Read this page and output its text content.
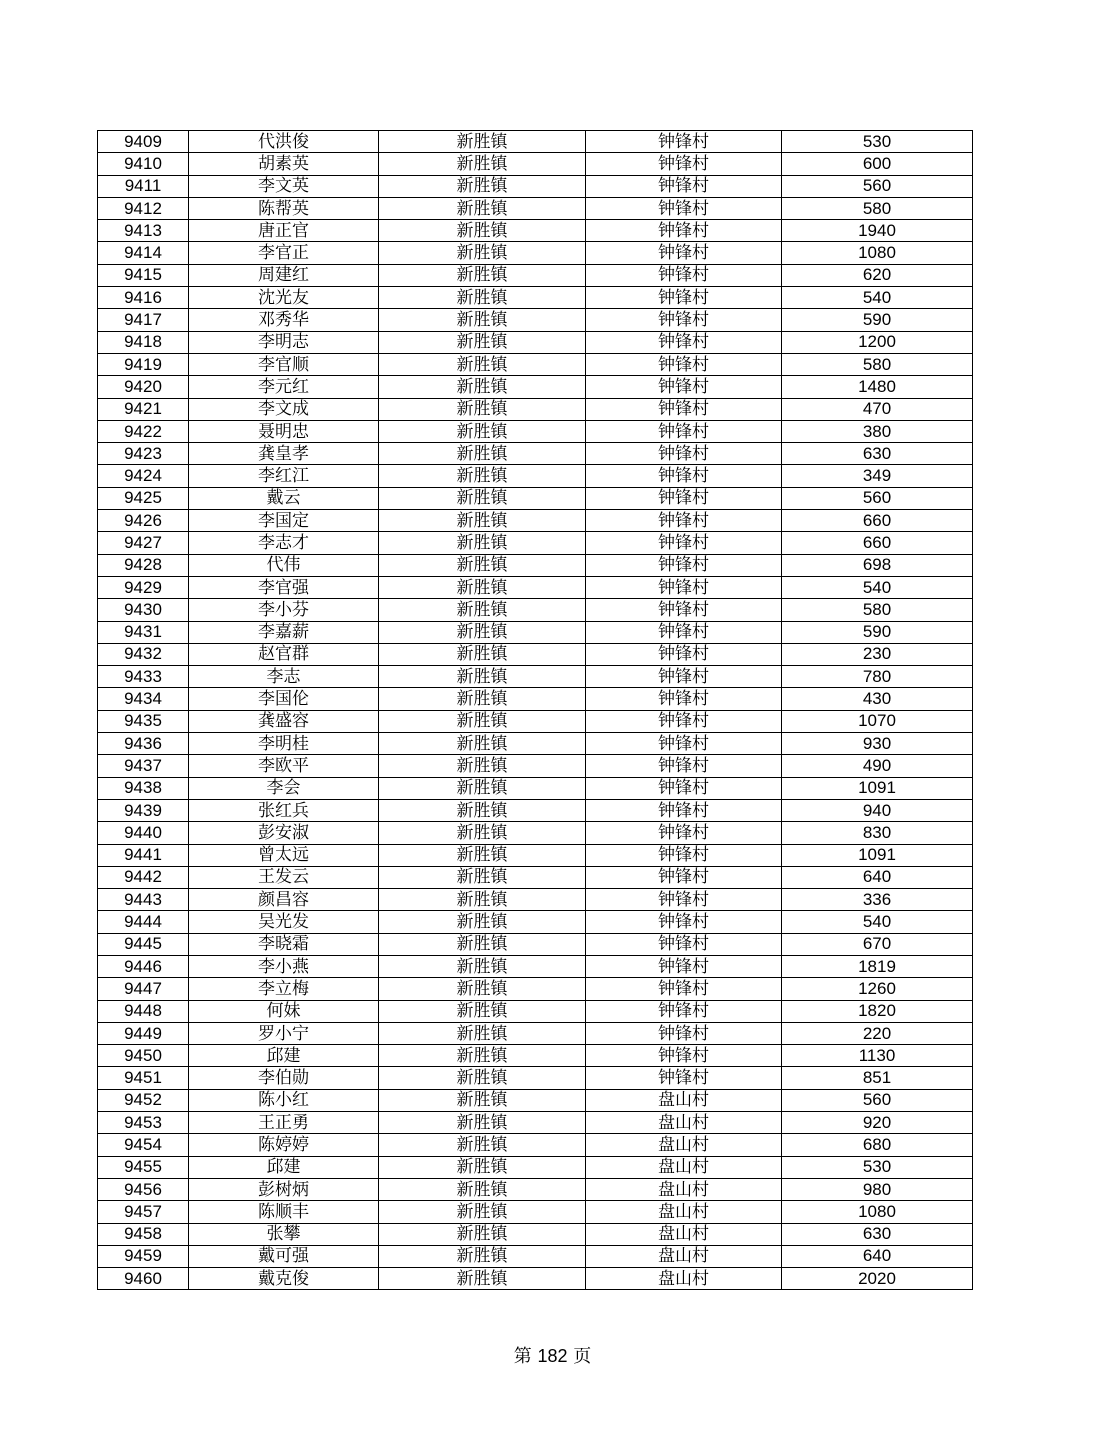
9409	代洪俊	新胜镇	钟锋村	530
9410	胡素英	新胜镇	钟锋村	600
9411	李文英	新胜镇	钟锋村	560
9412	陈帮英	新胜镇	钟锋村	580
9413	唐正官	新胜镇	钟锋村	1940
9414	李官正	新胜镇	钟锋村	1080
9415	周建红	新胜镇	钟锋村	620
9416	沈光友	新胜镇	钟锋村	540
9417	邓秀华	新胜镇	钟锋村	590
9418	李明志	新胜镇	钟锋村	1200
9419	李官顺	新胜镇	钟锋村	580
9420	李元红	新胜镇	钟锋村	1480
9421	李文成	新胜镇	钟锋村	470
9422	聂明忠	新胜镇	钟锋村	380
9423	龚皇孝	新胜镇	钟锋村	630
9424	李红江	新胜镇	钟锋村	349
9425	戴云	新胜镇	钟锋村	560
9426	李国定	新胜镇	钟锋村	660
9427	李志才	新胜镇	钟锋村	660
9428	代伟	新胜镇	钟锋村	698
9429	李官强	新胜镇	钟锋村	540
9430	李小芬	新胜镇	钟锋村	580
9431	李嘉薪	新胜镇	钟锋村	590
9432	赵官群	新胜镇	钟锋村	230
9433	李志	新胜镇	钟锋村	780
9434	李国伦	新胜镇	钟锋村	430
9435	龚盛容	新胜镇	钟锋村	1070
9436	李明桂	新胜镇	钟锋村	930
9437	李欧平	新胜镇	钟锋村	490
9438	李会	新胜镇	钟锋村	1091
9439	张红兵	新胜镇	钟锋村	940
9440	彭安淑	新胜镇	钟锋村	830
9441	曾太远	新胜镇	钟锋村	1091
9442	王发云	新胜镇	钟锋村	640
9443	颜昌容	新胜镇	钟锋村	336
9444	吴光发	新胜镇	钟锋村	540
9445	李晓霜	新胜镇	钟锋村	670
9446	李小燕	新胜镇	钟锋村	1819
9447	李立梅	新胜镇	钟锋村	1260
9448	何妹	新胜镇	钟锋村	1820
9449	罗小宁	新胜镇	钟锋村	220
9450	邱建	新胜镇	钟锋村	1130
9451	李伯勋	新胜镇	钟锋村	851
9452	陈小红	新胜镇	盘山村	560
9453	王正勇	新胜镇	盘山村	920
9454	陈婷婷	新胜镇	盘山村	680
9455	邱建	新胜镇	盘山村	530
9456	彭树炳	新胜镇	盘山村	980
9457	陈顺丰	新胜镇	盘山村	1080
9458	张攀	新胜镇	盘山村	630
9459	戴可强	新胜镇	盘山村	640
9460	戴克俊	新胜镇	盘山村	2020
第 182 页
